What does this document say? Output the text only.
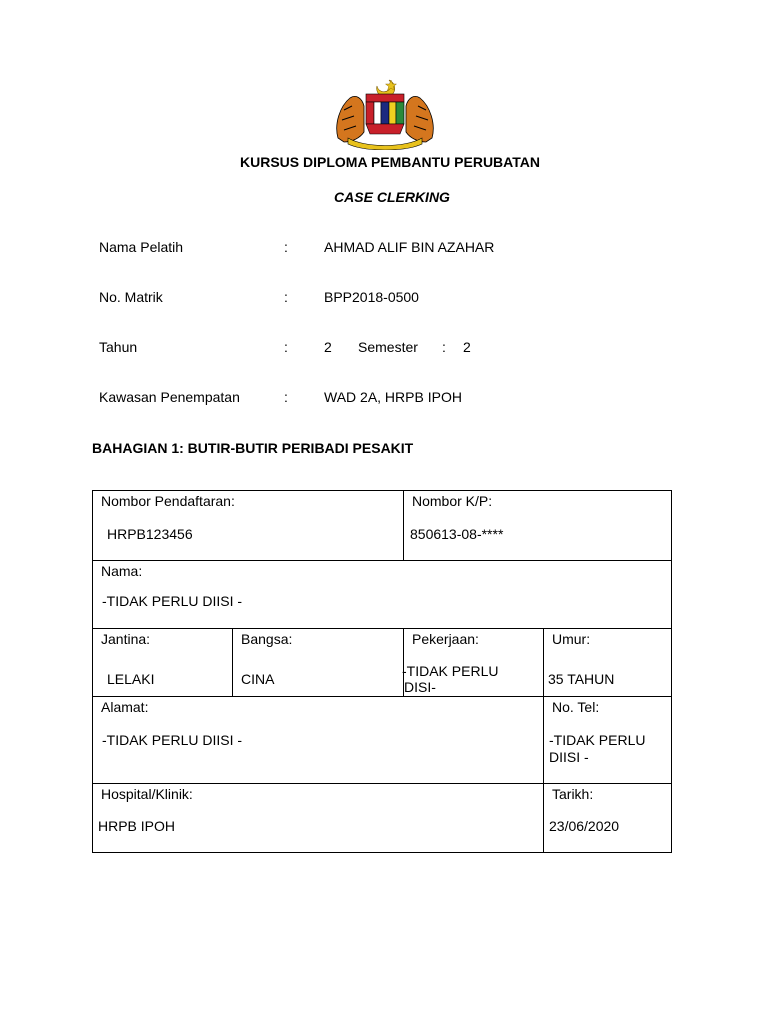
KURSUS DIPLOMA PEMBANTU PERUBATAN
CASE CLERKING
Nama Pelatih	:	AHMAD ALIF BIN AZAHAR
No. Matrik	:	BPP2018-0500
Tahun	:	2 Semester : 2
Kawasan Penempatan	:	WAD 2A, HRPB IPOH
BAHAGIAN 1: BUTIR-BUTIR PERIBADI PESAKIT
Nombor Pendaftaran:
HRPB123456
Nombor K/P:
850613-08-****
Nama:
-TIDAK PERLU DIISI -
Jantina:
LELAKI
Bangsa:
CINA
Pekerjaan:
-TIDAK PERLU
DISI-
Umur:
35 TAHUN
Alamat:
-TIDAK PERLU DIISI -
No. Tel:
-TIDAK PERLU
DIISI -
Hospital/Klinik:
HRPB IPOH
Tarikh:
23/06/2020
